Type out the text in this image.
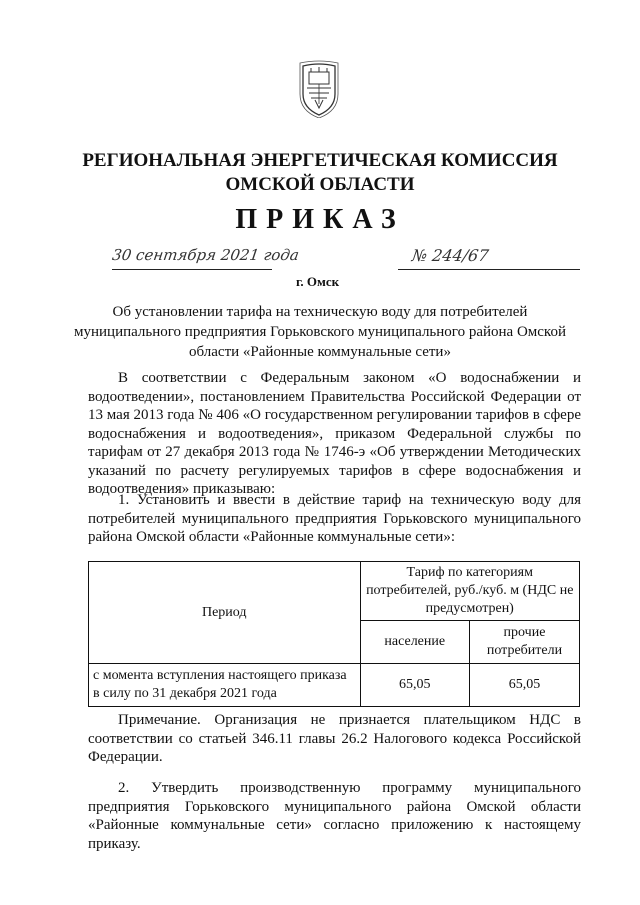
РЕГИОНАЛЬНАЯ ЭНЕРГЕТИЧЕСКАЯ КОМИССИЯ
ОМСКОЙ ОБЛАСТИ
ПРИКАЗ
30 сентября 2021 года
г. Омск
№ 244/67
Об установлении тарифа на техническую воду для потребителей муниципального предприятия Горьковского муниципального района Омской области «Районные коммунальные сети»
В соответствии с Федеральным законом «О водоснабжении и водоотведении», постановлением Правительства Российской Федерации от 13 мая 2013 года № 406 «О государственном регулировании тарифов в сфере водоснабжения и водоотведения», приказом Федеральной службы по тарифам от 27 декабря 2013 года № 1746-э «Об утверждении Методических указаний по расчету регулируемых тарифов в сфере водоснабжения и водоотведения» приказываю:
1. Установить и ввести в действие тариф на техническую воду для потребителей муниципального предприятия Горьковского муниципального района Омской области «Районные коммунальные сети»:
Период	Тариф по категориям потребителей, руб./куб. м (НДС не предусмотрен)	
	население	прочие потребители
с момента вступления настоящего приказа в силу по 31 декабря 2021 года	65,05	65,05
Примечание. Организация не признается плательщиком НДС в соответствии со статьей 346.11 главы 26.2 Налогового кодекса Российской Федерации.
2. Утвердить производственную программу муниципального предприятия Горьковского муниципального района Омской области «Районные коммунальные сети» согласно приложению к настоящему приказу.
